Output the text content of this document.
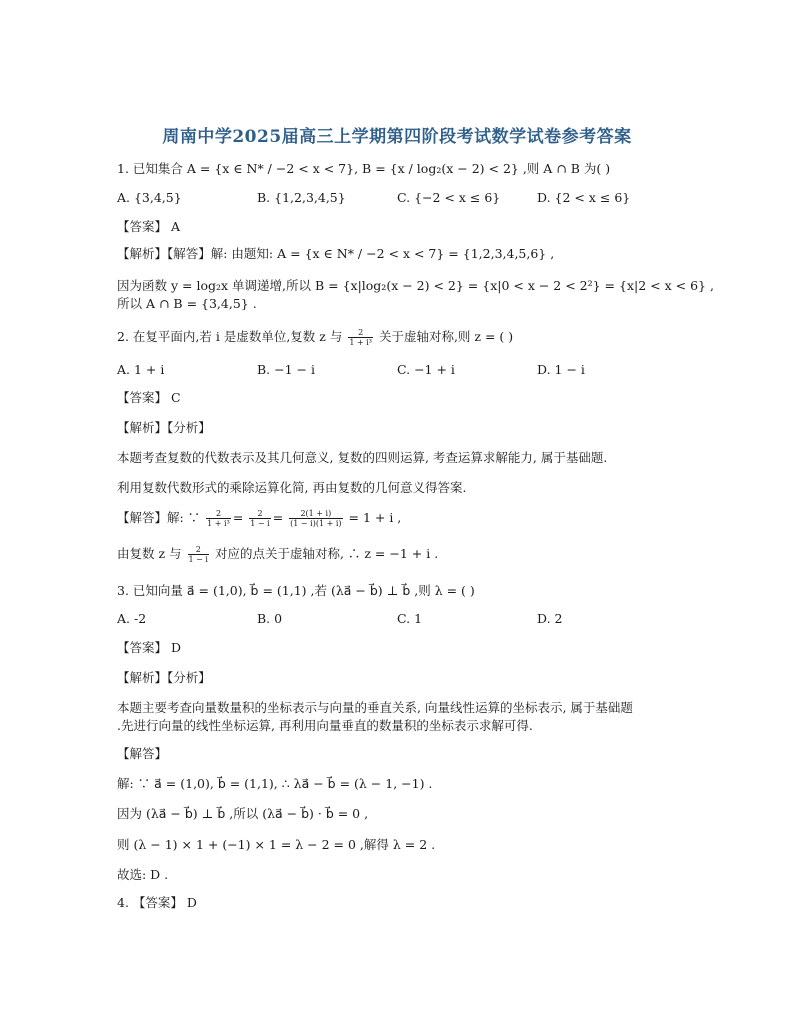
周南中学2025届高三上学期第四阶段考试数学试卷参考答案
1. 已知集合 A = {x ∈ N* / −2 < x < 7}, B = {x / log₂(x − 2) < 2} ,则 A ∩ B 为( )
A. {3,4,5}	B. {1,2,3,4,5}	C. {−2 < x ≤ 6}	D. {2 < x ≤ 6}
【答案】 A
【解析】【解答】解: 由题知: A = {x ∈ N* / −2 < x < 7} = {1,2,3,4,5,6} ,
因为函数 y = log₂x 单调递增,所以 B = {x|log₂(x − 2) < 2} = {x|0 < x − 2 < 2²} = {x|2 < x < 6} ,
所以 A ∩ B = {3,4,5} .
2. 在复平面内,若 i 是虚数单位,复数 z 与 $\frac{2}{\text{1 + i³}}$ 关于虚轴对称,则 z = ( )
A. 1 + i	B. −1 − i	C. −1 + i	D. 1 − i
【答案】 C
【解析】【分析】
本题考查复数的代数表示及其几何意义, 复数的四则运算, 考查运算求解能力, 属于基础题.
利用复数代数形式的乘除运算化简, 再由复数的几何意义得答案.
【解答】解: ∵ $\frac{2}{\text{1 + i³}} = \frac{2}{1 - i} = \frac{2(1 + i)}{(1 - i)(1 + i)} = 1 + i$ ,
由复数 z 与 $\frac{2}{1 - i}$ 对应的点关于虚轴对称, ∴ z = −1 + i .
3. 已知向量 a⃗ = (1,0), b⃗ = (1,1) ,若 (λa⃗ − b⃗) ⊥ b⃗ ,则 λ = ( )
A. -2	B. 0	C. 1	D. 2
【答案】 D
【解析】【分析】
本题主要考查向量数量积的坐标表示与向量的垂直关系, 向量线性运算的坐标表示, 属于基础题
.先进行向量的线性坐标运算, 再利用向量垂直的数量积的坐标表示求解可得.
【解答】
解: ∵ a⃗ = (1,0), b⃗ = (1,1), ∴ λa⃗ − b⃗ = (λ − 1, −1) .
因为 (λa⃗ − b⃗) ⊥ b⃗ ,所以 (λa⃗ − b⃗) · b⃗ = 0 ,
则 (λ − 1) × 1 + (−1) × 1 = λ − 2 = 0 ,解得 λ = 2 .
故选: D .
4. 【答案】 D
